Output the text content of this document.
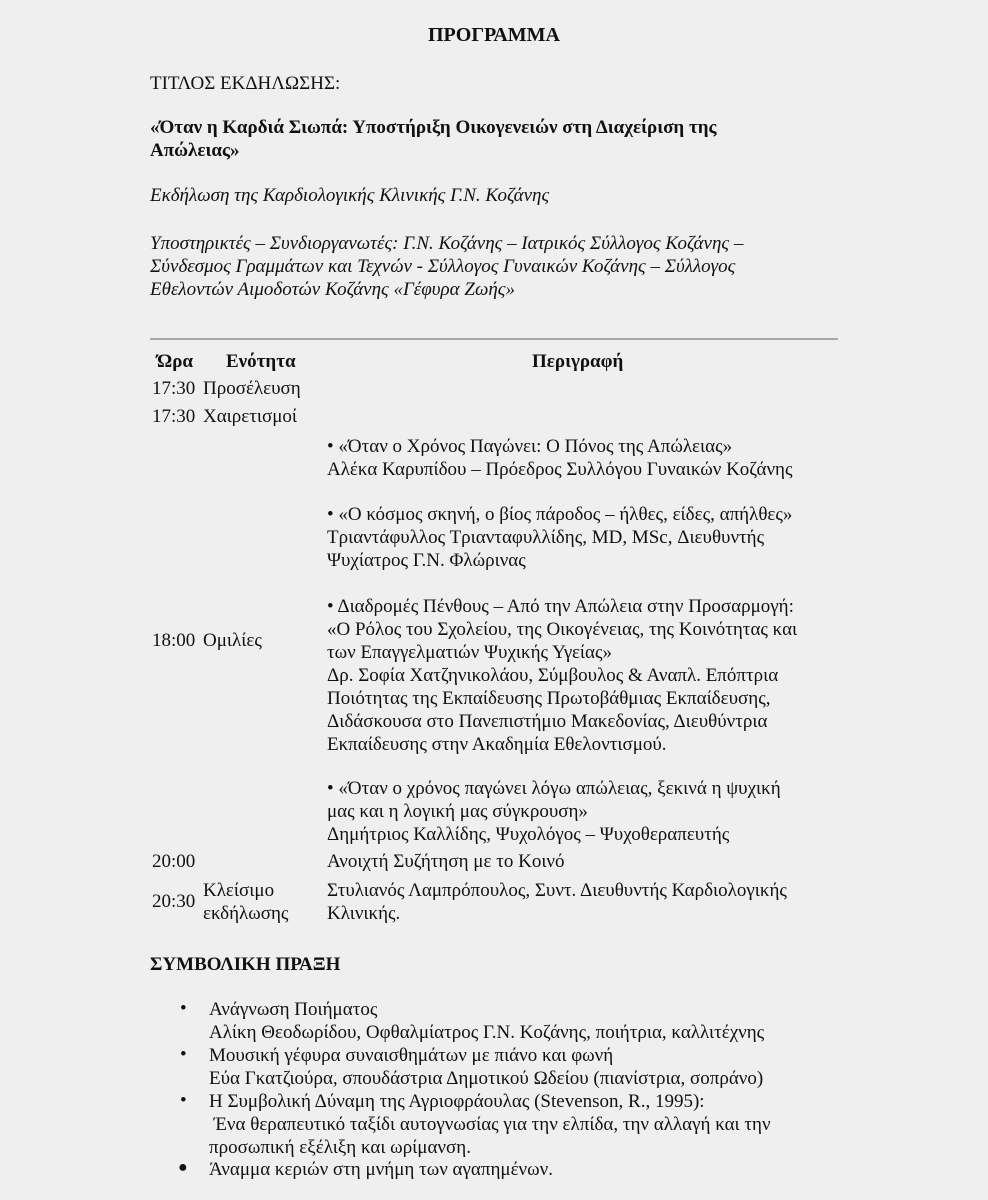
ΠΡΟΓΡΑΜΜΑ
ΤΙΤΛΟΣ ΕΚΔΗΛΩΣΗΣ:
«Όταν η Καρδιά Σιωπά: Υποστήριξη Οικογενειών στη Διαχείριση της
Απώλειας»
Εκδήλωση της Καρδιολογικής Κλινικής Γ.Ν. Κοζάνης
Υποστηρικτές – Συνδιοργανωτές: Γ.Ν. Κοζάνης – Ιατρικός Σύλλογος Κοζάνης –
Σύνδεσμος Γραμμάτων και Τεχνών - Σύλλογος Γυναικών Κοζάνης – Σύλλογος
Εθελοντών Αιμοδοτών Κοζάνης «Γέφυρα Ζωής»
Ώρα Ενότητα	Περιγραφή
17:30 Προσέλευση
17:30 Χαιρετισμοί
18:00 Ομιλίες
• «Όταν ο Χρόνος Παγώνει: Ο Πόνος της Απώλειας»
Αλέκα Καρυπίδου – Πρόεδρος Συλλόγου Γυναικών Κοζάνης
• «Ο κόσμος σκηνή, ο βίος πάροδος – ήλθες, είδες, απήλθες»
Τριαντάφυλλος Τριανταφυλλίδης, MD, MSc, Διευθυντής
Ψυχίατρος Γ.Ν. Φλώρινας
• Διαδρομές Πένθους – Από την Απώλεια στην Προσαρμογή:
«Ο Ρόλος του Σχολείου, της Οικογένειας, της Κοινότητας και
των Επαγγελματιών Ψυχικής Υγείας»
Δρ. Σοφία Χατζηνικολάου, Σύμβουλος & Αναπλ. Επόπτρια
Ποιότητας της Εκπαίδευσης Πρωτοβάθμιας Εκπαίδευσης,
Διδάσκουσα στο Πανεπιστήμιο Μακεδονίας, Διευθύντρια
Εκπαίδευσης στην Ακαδημία Εθελοντισμού.
• «Όταν ο χρόνος παγώνει λόγω απώλειας, ξεκινά η ψυχική
μας και η λογική μας σύγκρουση»
Δημήτριος Καλλίδης, Ψυχολόγος – Ψυχοθεραπευτής
20:00	Ανοιχτή Συζήτηση με το Κοινό
20:30
Κλείσιμο
εκδήλωσης
Στυλιανός Λαμπρόπουλος, Συντ. Διευθυντής Καρδιολογικής
Κλινικής.
ΣΥΜΒΟΛΙΚΗ ΠΡΑΞΗ
• Ανάγνωση Ποιήματος
Αλίκη Θεοδωρίδου, Οφθαλμίατρος Γ.Ν. Κοζάνης, ποιήτρια, καλλιτέχνης
• Μουσική γέφυρα συναισθημάτων με πιάνο και φωνή
Εύα Γκατζιούρα, σπουδάστρια Δημοτικού Ωδείου (πιανίστρια, σοπράνο)
• Η Συμβολική Δύναμη της Αγριοφράουλας (Stevenson, R., 1995):
Ένα θεραπευτικό ταξίδι αυτογνωσίας για την ελπίδα, την αλλαγή και την
προσωπική εξέλιξη και ωρίμανση.
● Άναμμα κεριών στη μνήμη των αγαπημένων.
